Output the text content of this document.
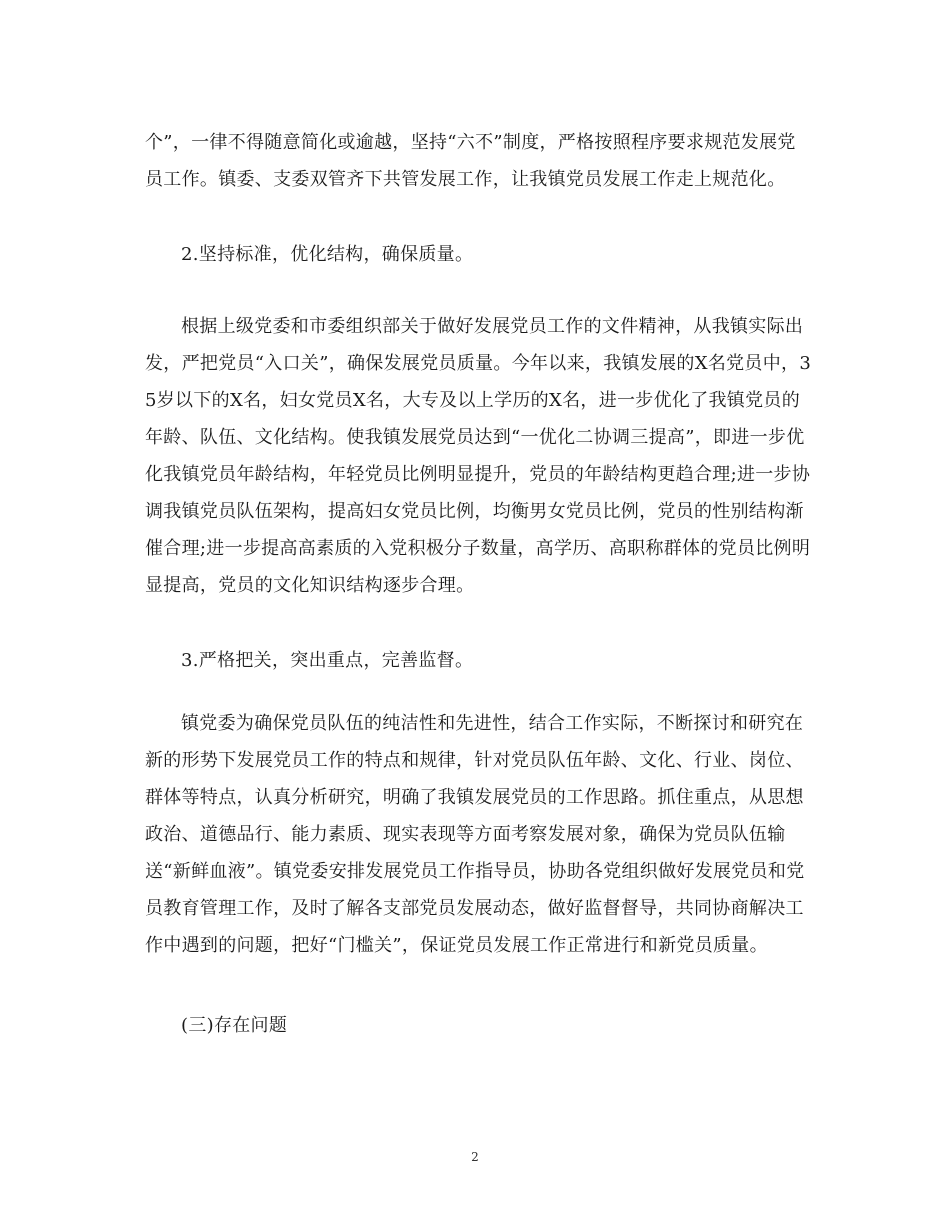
个”，一律不得随意简化或逾越，坚持“六不”制度，严格按照程序要求规范发展党员工作。镇委、支委双管齐下共管发展工作，让我镇党员发展工作走上规范化。

2.坚持标准，优化结构，确保质量。

根据上级党委和市委组织部关于做好发展党员工作的文件精神，从我镇实际出发，严把党员“入口关”，确保发展党员质量。今年以来，我镇发展的X名党员中，35岁以下的X名，妇女党员X名，大专及以上学历的X名，进一步优化了我镇党员的年龄、队伍、文化结构。使我镇发展党员达到“一优化二协调三提高”，即进一步优化我镇党员年龄结构，年轻党员比例明显提升，党员的年龄结构更趋合理;进一步协调我镇党员队伍架构，提高妇女党员比例，均衡男女党员比例，党员的性别结构渐催合理;进一步提高高素质的入党积极分子数量，高学历、高职称群体的党员比例明显提高，党员的文化知识结构逐步合理。

3.严格把关，突出重点，完善监督。

镇党委为确保党员队伍的纯洁性和先进性，结合工作实际，不断探讨和研究在新的形势下发展党员工作的特点和规律，针对党员队伍年龄、文化、行业、岗位、群体等特点，认真分析研究，明确了我镇发展党员的工作思路。抓住重点，从思想政治、道德品行、能力素质、现实表现等方面考察发展对象，确保为党员队伍输送“新鲜血液”。镇党委安排发展党员工作指导员，协助各党组织做好发展党员和党员教育管理工作，及时了解各支部党员发展动态，做好监督督导，共同协商解决工作中遇到的问题，把好“门槛关”，保证党员发展工作正常进行和新党员质量。

(三)存在问题

2
